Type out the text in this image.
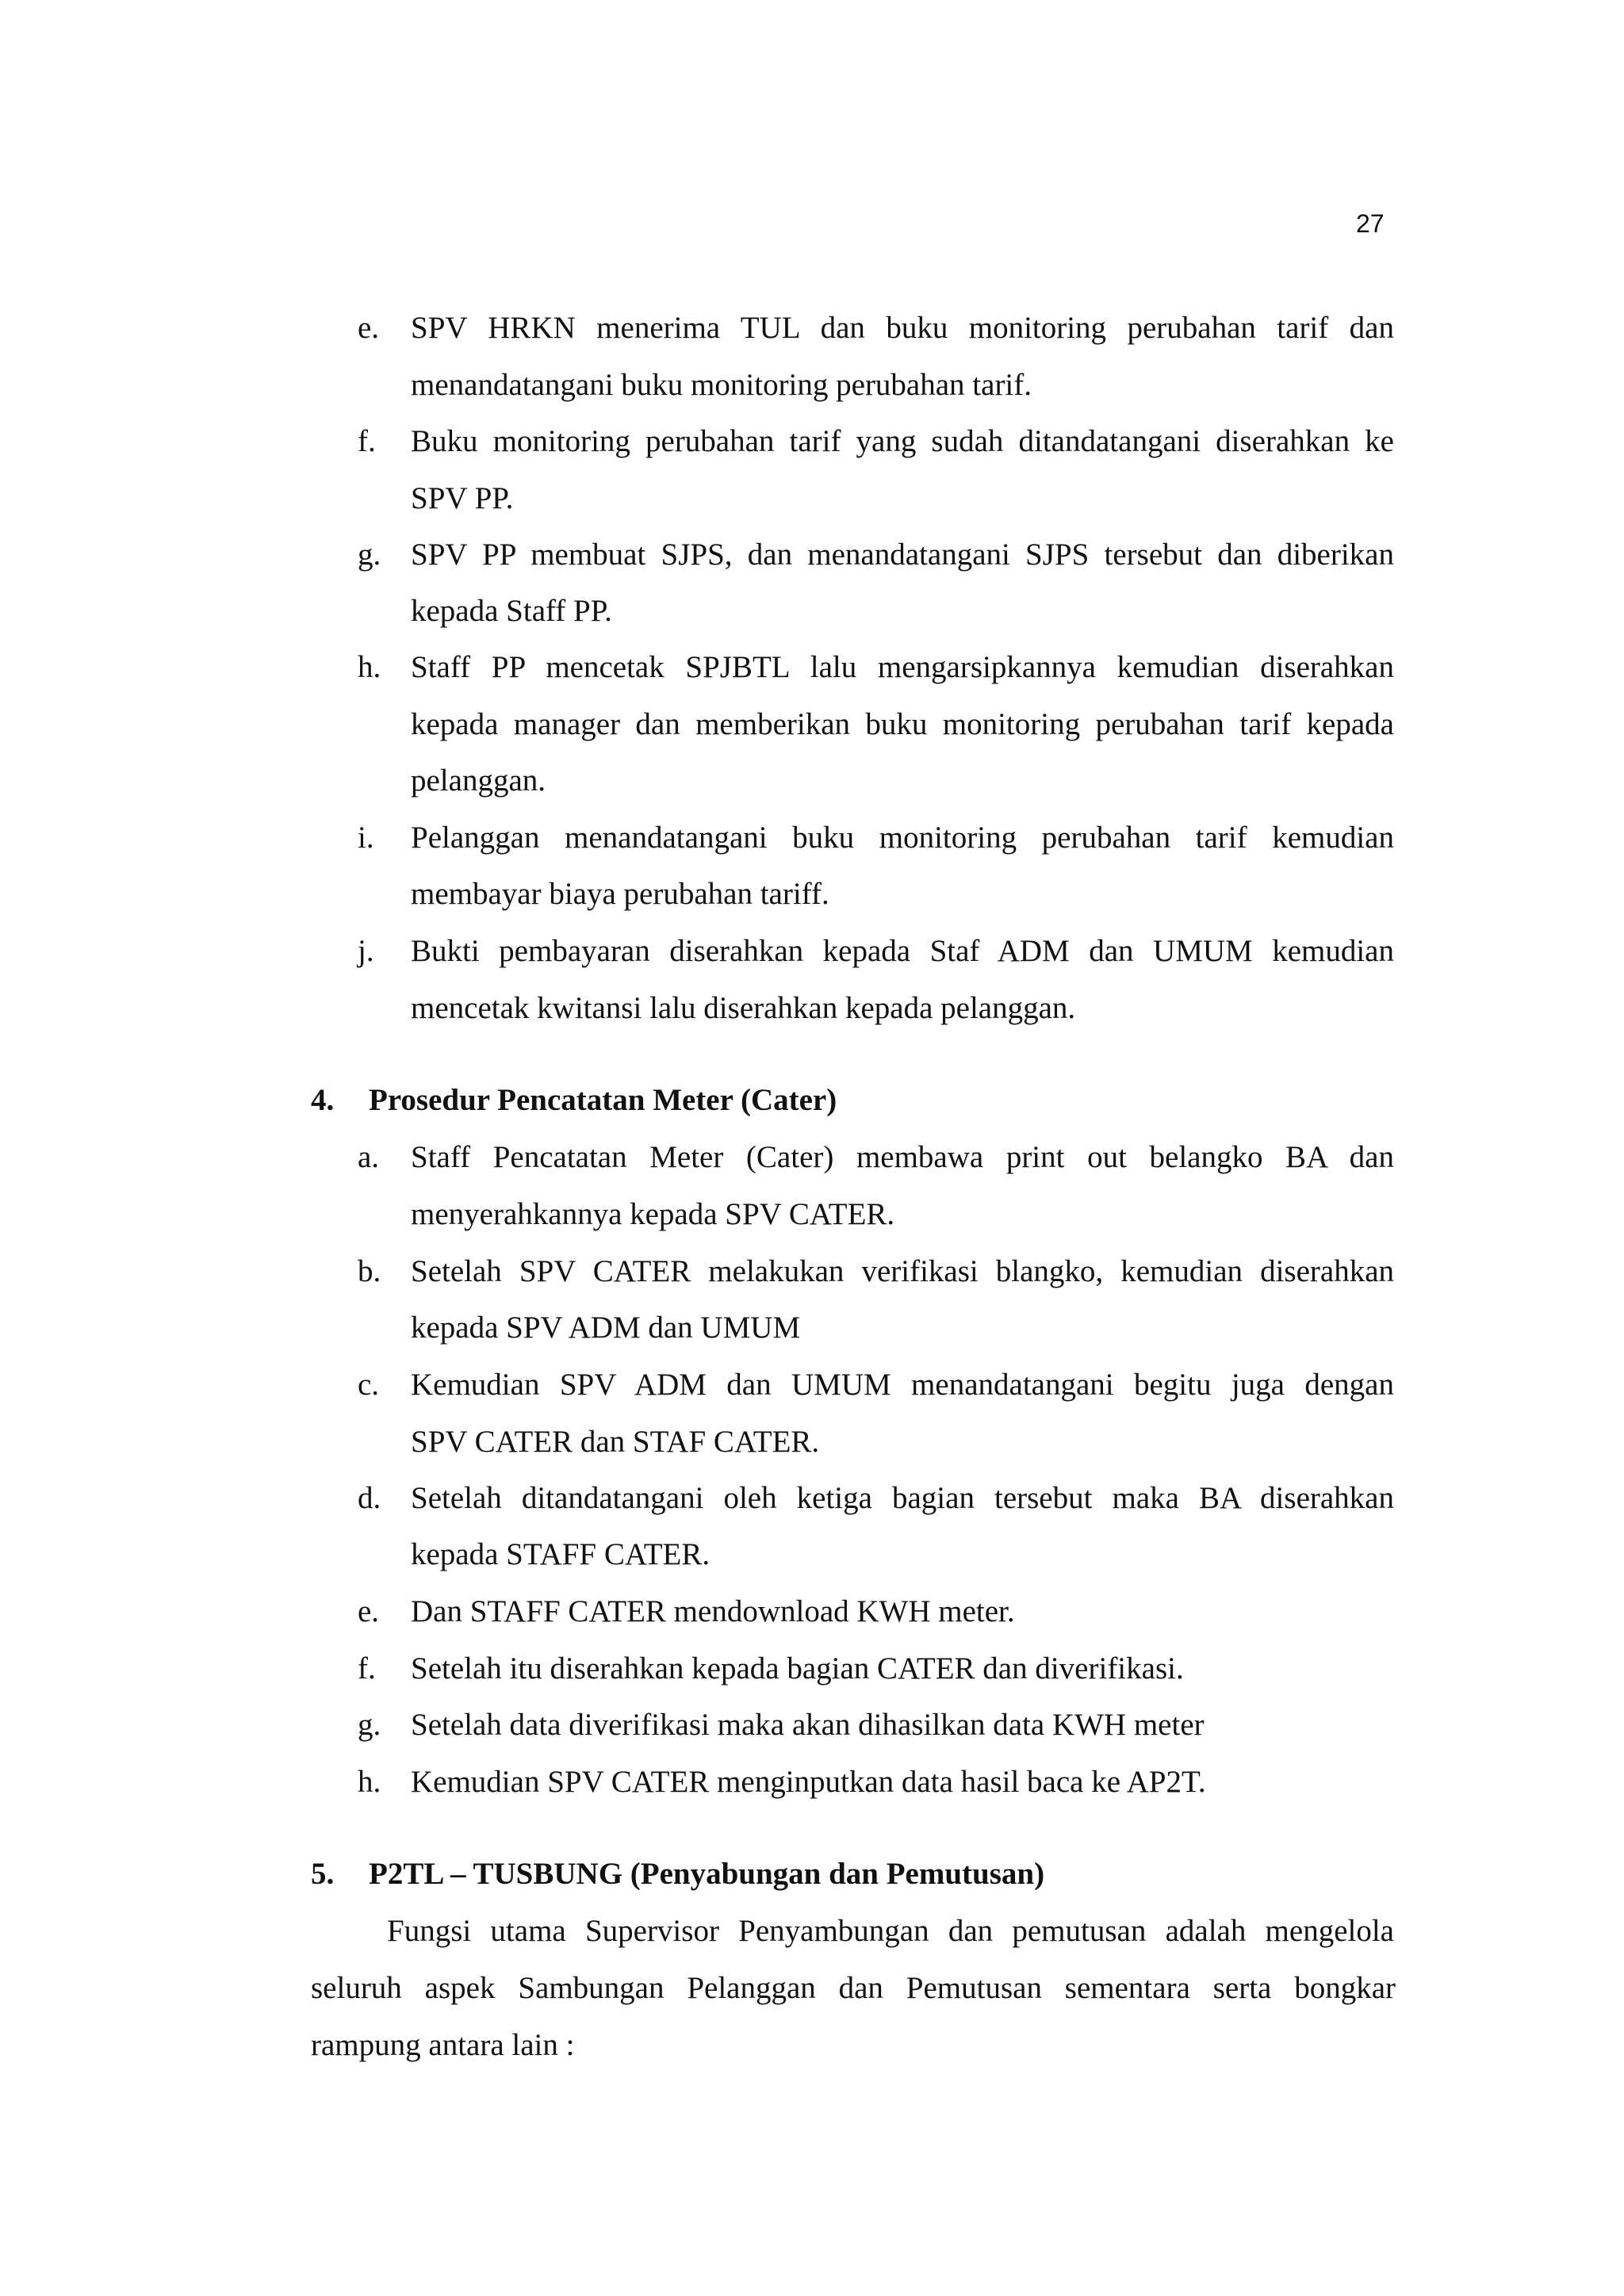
27
e.	SPV HRKN menerima TUL dan buku monitoring perubahan tarif dan
menandatangani buku monitoring perubahan tarif.
f.	Buku monitoring perubahan tarif yang sudah ditandatangani diserahkan ke
SPV PP.
g. SPV PP membuat SJPS, dan menandatangani SJPS tersebut dan diberikan
kepada Staff PP.
h. Staff PP mencetak SPJBTL lalu mengarsipkannya kemudian diserahkan
kepada manager dan memberikan buku monitoring perubahan tarif kepada
pelanggan.
i.	Pelanggan menandatangani buku monitoring perubahan tarif kemudian
membayar biaya perubahan tariff.
j.	Bukti pembayaran diserahkan kepada Staf ADM dan UMUM kemudian
mencetak kwitansi lalu diserahkan kepada pelanggan.
4. Prosedur Pencatatan Meter (Cater)
a.	Staff Pencatatan Meter (Cater) membawa print out belangko BA dan
menyerahkannya kepada SPV CATER.
b. Setelah SPV CATER melakukan verifikasi blangko, kemudian diserahkan
kepada SPV ADM dan UMUM
c.	Kemudian SPV ADM dan UMUM menandatangani begitu juga dengan
SPV CATER dan STAF CATER.
d. Setelah ditandatangani oleh ketiga bagian tersebut maka BA diserahkan
kepada STAFF CATER.
e.	Dan STAFF CATER mendownload KWH meter.
f.	Setelah itu diserahkan kepada bagian CATER dan diverifikasi.
g. Setelah data diverifikasi maka akan dihasilkan data KWH meter
h. Kemudian SPV CATER menginputkan data hasil baca ke AP2T.
5. P2TL – TUSBUNG (Penyabungan dan Pemutusan)
Fungsi utama Supervisor Penyambungan dan pemutusan adalah mengelola
seluruh aspek Sambungan Pelanggan dan Pemutusan sementara serta bongkar
rampung antara lain :
